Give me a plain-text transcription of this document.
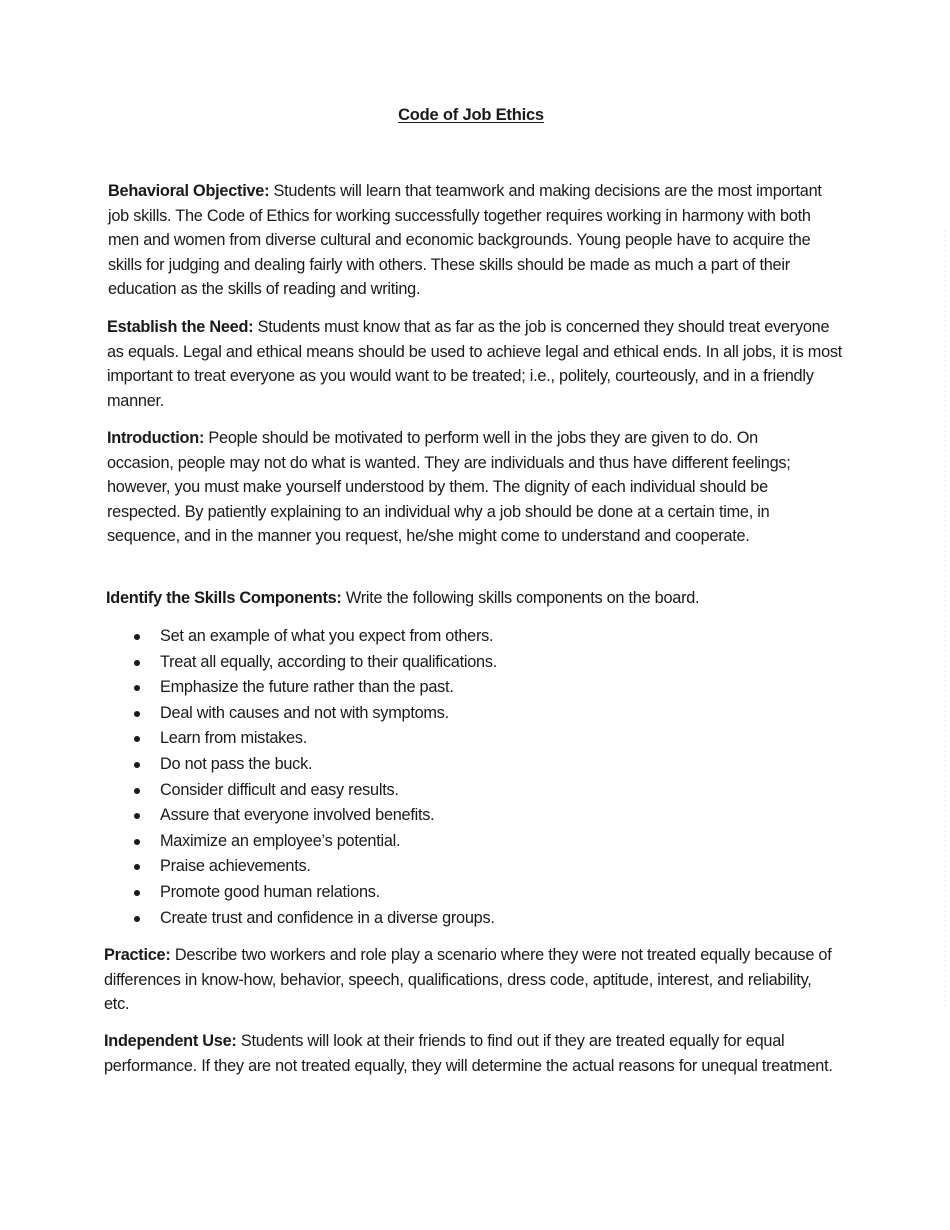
Code of Job Ethics

Behavioral Objective: Students will learn that teamwork and making decisions are the most important job skills. The Code of Ethics for working successfully together requires working in harmony with both men and women from diverse cultural and economic backgrounds. Young people have to acquire the skills for judging and dealing fairly with others. These skills should be made as much a part of their education as the skills of reading and writing.

Establish the Need: Students must know that as far as the job is concerned they should treat everyone as equals. Legal and ethical means should be used to achieve legal and ethical ends. In all jobs, it is most important to treat everyone as you would want to be treated; i.e., politely, courteously, and in a friendly manner.

Introduction: People should be motivated to perform well in the jobs they are given to do. On occasion, people may not do what is wanted. They are individuals and thus have different feelings; however, you must make yourself understood by them. The dignity of each individual should be respected. By patiently explaining to an individual why a job should be done at a certain time, in sequence, and in the manner you request, he/she might come to understand and cooperate.

Identify the Skills Components: Write the following skills components on the board.

Set an example of what you expect from others.
Treat all equally, according to their qualifications.
Emphasize the future rather than the past.
Deal with causes and not with symptoms.
Learn from mistakes.
Do not pass the buck.
Consider difficult and easy results.
Assure that everyone involved benefits.
Maximize an employee’s potential.
Praise achievements.
Promote good human relations.
Create trust and confidence in a diverse groups.

Practice: Describe two workers and role play a scenario where they were not treated equally because of differences in know-how, behavior, speech, qualifications, dress code, aptitude, interest, and reliability, etc.

Independent Use: Students will look at their friends to find out if they are treated equally for equal performance. If they are not treated equally, they will determine the actual reasons for unequal treatment.
